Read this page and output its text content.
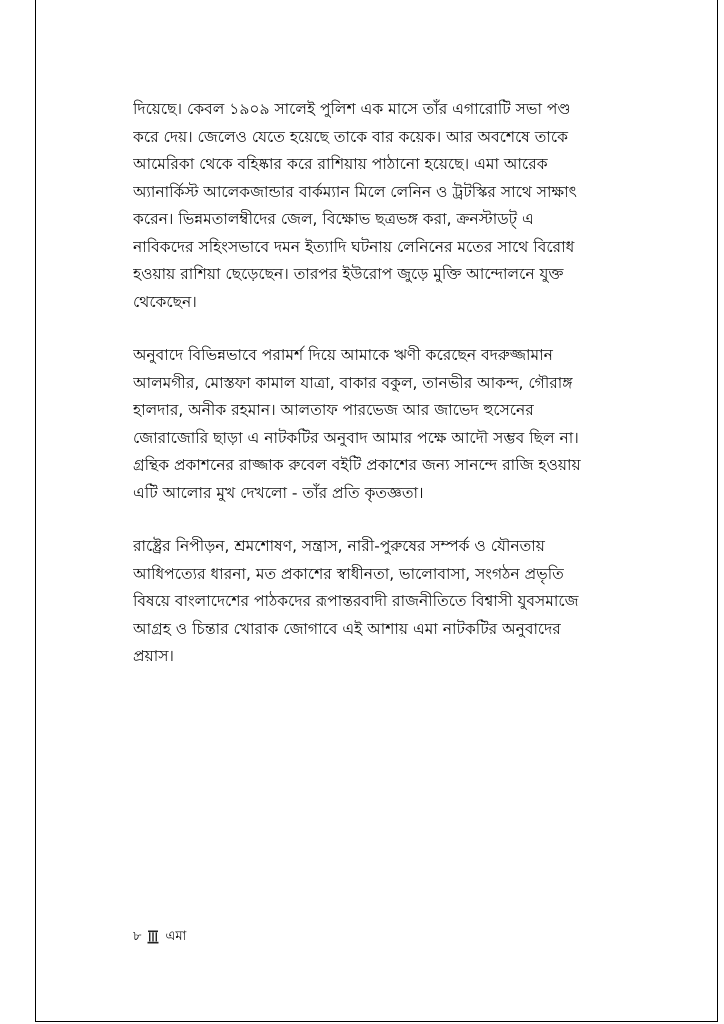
দিয়েছে। কেবল ১৯০৯ সালেই পুলিশ এক মাসে তাঁর এগারোটি সভা পণ্ড
করে দেয়। জেলেও যেতে হয়েছে তাকে বার কয়েক। আর অবশেষে তাকে
আমেরিকা থেকে বহিষ্কার করে রাশিয়ায় পাঠানো হয়েছে। এমা আরেক
অ্যানার্কিস্ট আলেকজান্ডার বার্কম্যান মিলে লেনিন ও ট্রটস্কির সাথে সাক্ষাৎ
করেন। ভিন্নমতালম্বীদের জেল, বিক্ষোভ ছত্রভঙ্গ করা, ক্রনস্টাডট্ এ
নাবিকদের সহিংসভাবে দমন ইত্যাদি ঘটনায় লেনিনের মতের সাথে বিরোধ
হওয়ায় রাশিয়া ছেড়েছেন। তারপর ইউরোপ জুড়ে মুক্তি আন্দোলনে যুক্ত
থেকেছেন।

অনুবাদে বিভিন্নভাবে পরামর্শ দিয়ে আমাকে ঋণী করেছেন বদরুজ্জামান
আলমগীর, মোস্তফা কামাল যাত্রা, বাকার বকুল, তানভীর আকন্দ, গৌরাঙ্গ
হালদার, অনীক রহমান। আলতাফ পারভেজ আর জাভেদ হুসেনের
জোরাজোরি ছাড়া এ নাটকটির অনুবাদ আমার পক্ষে আদৌ সম্ভব ছিল না।
গ্রন্থিক প্রকাশনের রাজ্জাক রুবেল বইটি প্রকাশের জন্য সানন্দে রাজি হওয়ায়
এটি আলোর মুখ দেখলো - তাঁর প্রতি কৃতজ্ঞতা।

রাষ্ট্রের নিপীড়ন, শ্রমশোষণ, সন্ত্রাস, নারী-পুরুষের সম্পর্ক ও যৌনতায়
আধিপত্যের ধারনা, মত প্রকাশের স্বাধীনতা, ভালোবাসা, সংগঠন প্রভৃতি
বিষয়ে বাংলাদেশের পাঠকদের রূপান্তরবাদী রাজনীতিতে বিশ্বাসী যুবসমাজে
আগ্রহ ও চিন্তার খোরাক জোগাবে এই আশায় এমা নাটকটির অনুবাদের
প্রয়াস।

৮ এমা
